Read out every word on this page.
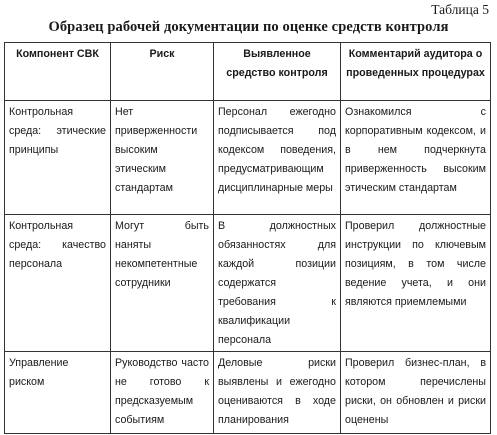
Таблица 5
Образец рабочей документации по оценке средств контроля
Компонент СВК	Риск	Выявленное средство контроля	Комментарий аудитора о проведенных процедурах
Контрольная среда: этические принципы	Нет приверженности высоким этическим стандартам	Персонал ежегодно подписывается под кодексом поведения, предусматривающим дисциплинарные меры	Ознакомился с корпоративным кодексом, и в нем подчеркнута приверженность высоким этическим стандартам
Контрольная среда: качество персонала	Могут быть наняты некомпетентные сотрудники	В должностных обязанностях для каждой позиции содержатся требования к квалификации персонала	Проверил должностные инструкции по ключевым позициям, в том числе ведение учета, и они являются приемлемыми
Управление риском	Руководство часто не готово к предсказуемым событиям	Деловые риски выявлены и ежегодно оцениваются в ходе планирования	Проверил бизнес-план, в котором перечислены риски, он обновлен и риски оценены
